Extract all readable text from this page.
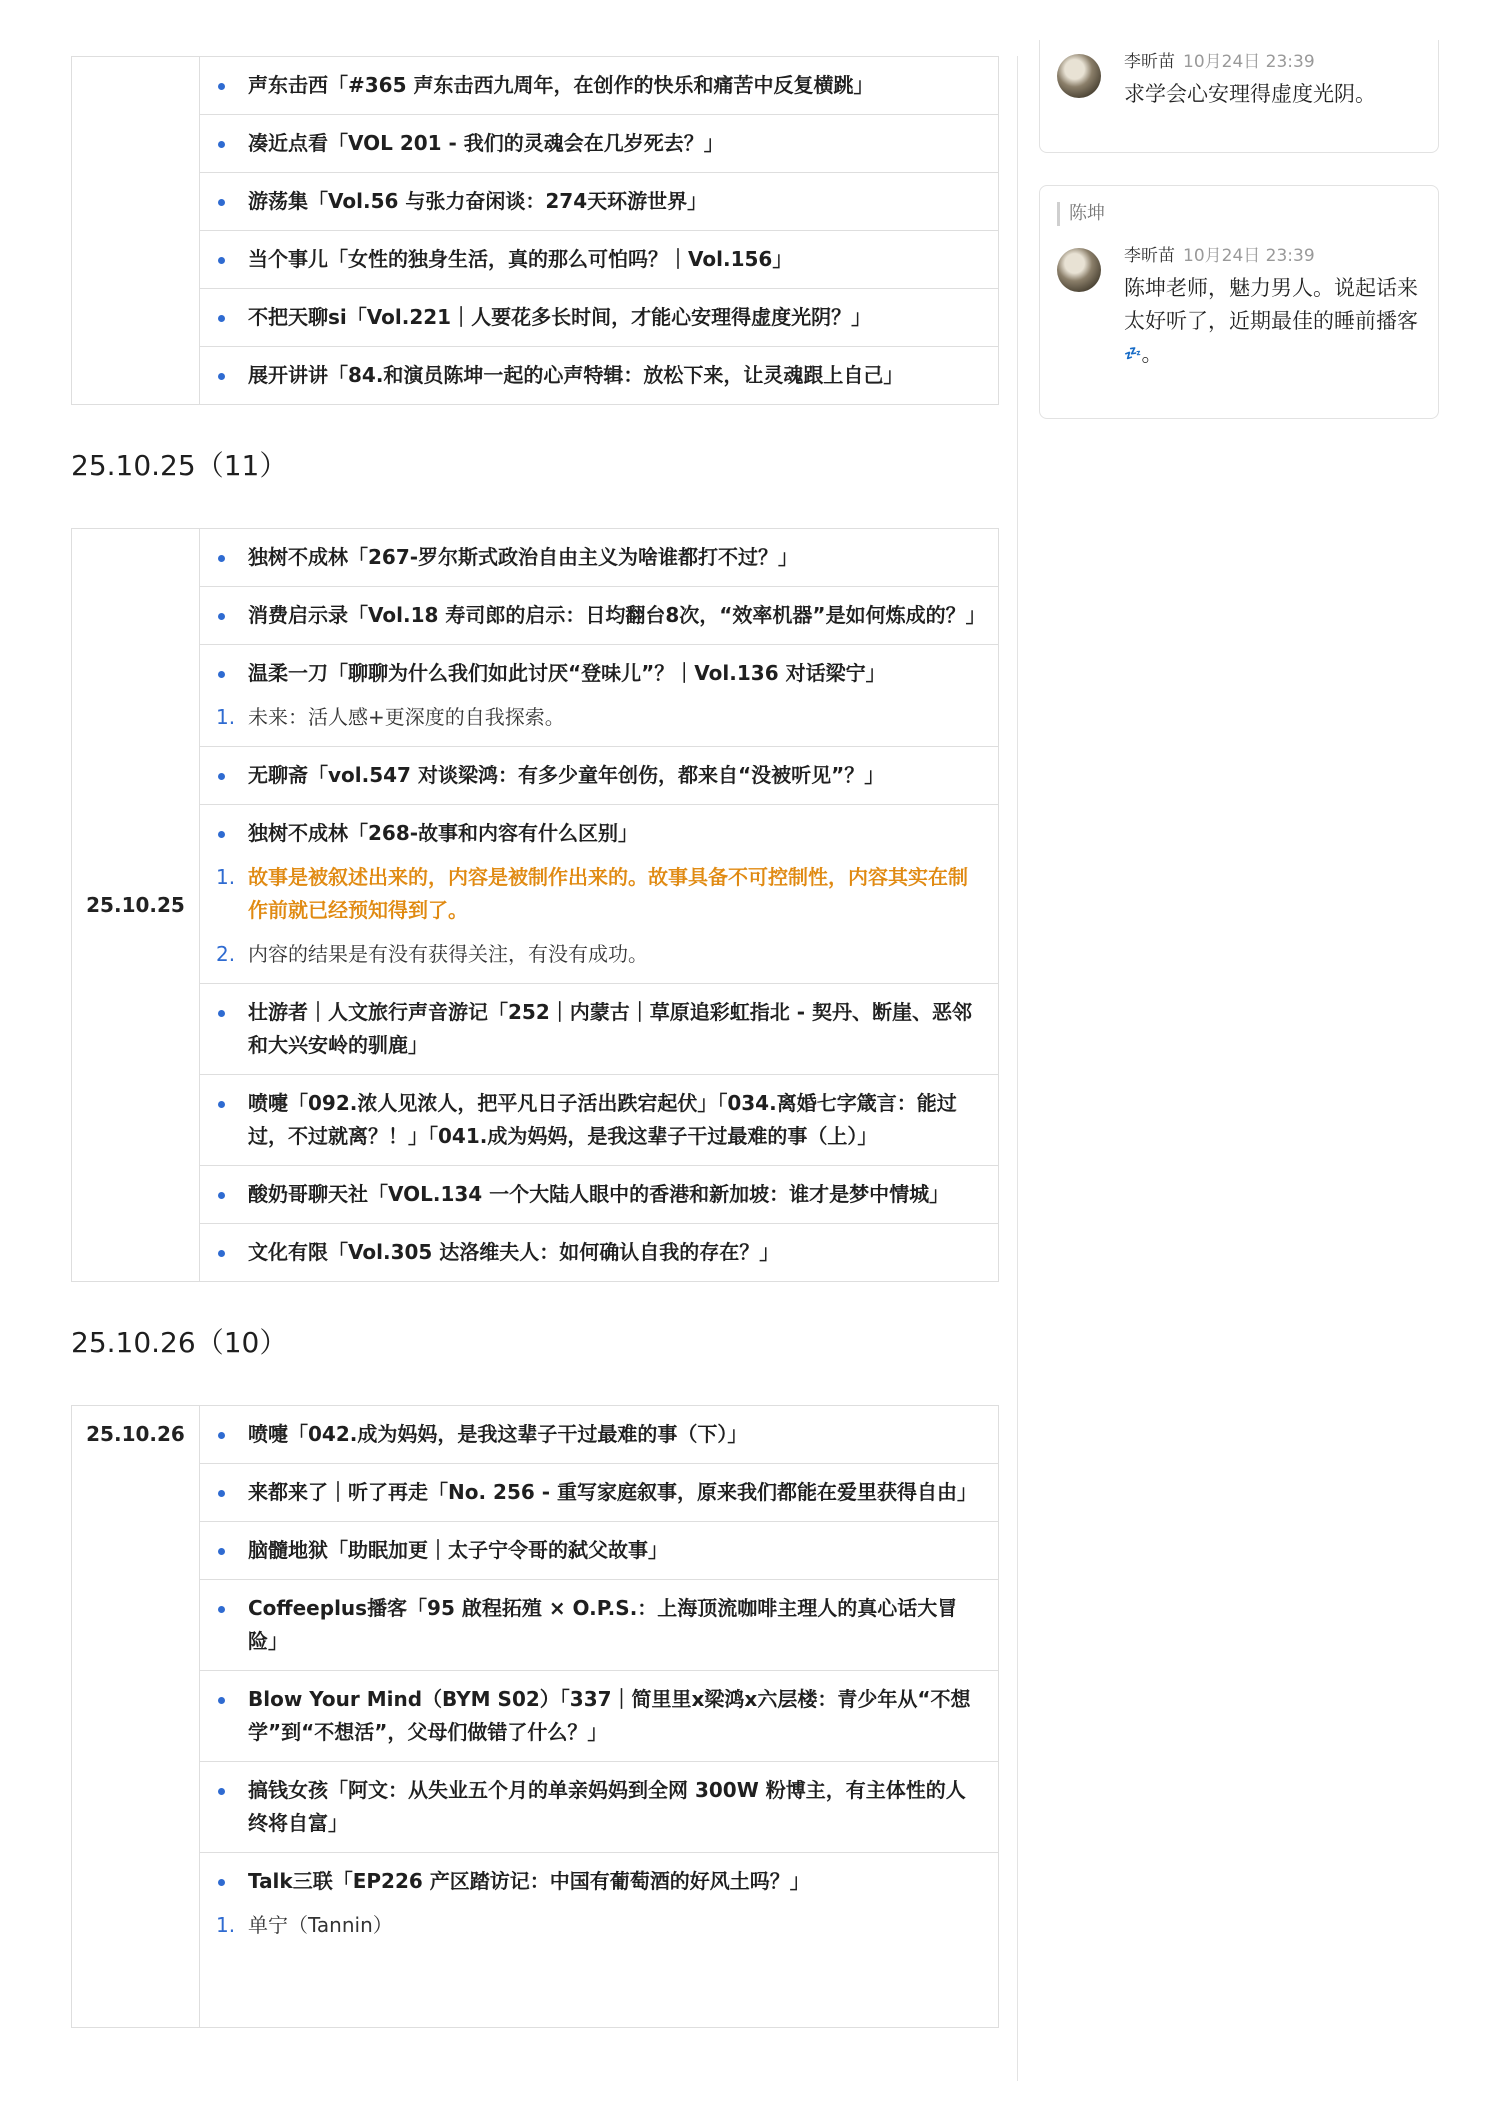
声东击西「#365 声东击西九周年，在创作的快乐和痛苦中反复横跳」

凑近点看「VOL 201 - 我们的灵魂会在几岁死去？」

游荡集「Vol.56 与张力奋闲谈：274天环游世界」

当个事儿「女性的独身生活，真的那么可怕吗？｜Vol.156」

不把天聊si「Vol.221｜人要花多长时间，才能心安理得虚度光阴？」

展开讲讲「84.和演员陈坤一起的心声特辑：放松下来，让灵魂跟上自己」
25.10.25（11）
25.10.25	
独树不成林「267-罗尔斯式政治自由主义为啥谁都打不过？」

消费启示录「Vol.18 寿司郎的启示：日均翻台8次，“效率机器”是如何炼成的？」

温柔一刀「聊聊为什么我们如此讨厌“登味儿”？｜Vol.136 对话梁宁」
1. 未来：活人感+更深度的自我探索。

无聊斋「vol.547 对谈梁鸿：有多少童年创伤，都来自“没被听见”？」

独树不成林「268-故事和内容有什么区别」
1. 故事是被叙述出来的，内容是被制作出来的。故事具备不可控制性，内容其实在制作前就已经预知得到了。
2. 内容的结果是有没有获得关注，有没有成功。

壮游者｜人文旅行声音游记「252｜内蒙古｜草原追彩虹指北 - 契丹、断崖、恶邻和大兴安岭的驯鹿」

喷嚏「092.浓人见浓人，把平凡日子活出跌宕起伏」「034.离婚七字箴言：能过过，不过就离？！」「041.成为妈妈，是我这辈子干过最难的事（上）」

酸奶哥聊天社「VOL.134 一个大陆人眼中的香港和新加坡：谁才是梦中情城」

文化有限「Vol.305 达洛维夫人：如何确认自我的存在？」
25.10.26（10）
25.10.26	喷嚏「042.成为妈妈，是我这辈子干过最难的事（下）」

来都来了｜听了再走「No. 256 - 重写家庭叙事，原来我们都能在爱里获得自由」

脑髓地狱「助眠加更｜太子宁令哥的弑父故事」

Coffeeplus播客「95 啟程拓殖 × O.P.S.：上海顶流咖啡主理人的真心话大冒险」

Blow Your Mind（BYM S02）「337｜简里里x梁鸿x六层楼：青少年从“不想学”到“不想活”，父母们做错了什么？」

搞钱女孩「阿文：从失业五个月的单亲妈妈到全网 300W 粉博主，有主体性的人终将自富」

Talk三联「EP226 产区踏访记：中国有葡萄酒的好风土吗？」
1. 单宁（Tannin）
李昕苗 10月24日 23:39
求学会心安理得虚度光阴。
陈坤
李昕苗 10月24日 23:39
陈坤老师，魅力男人。说起话来太好听了，近期最佳的睡前播客
💤。
